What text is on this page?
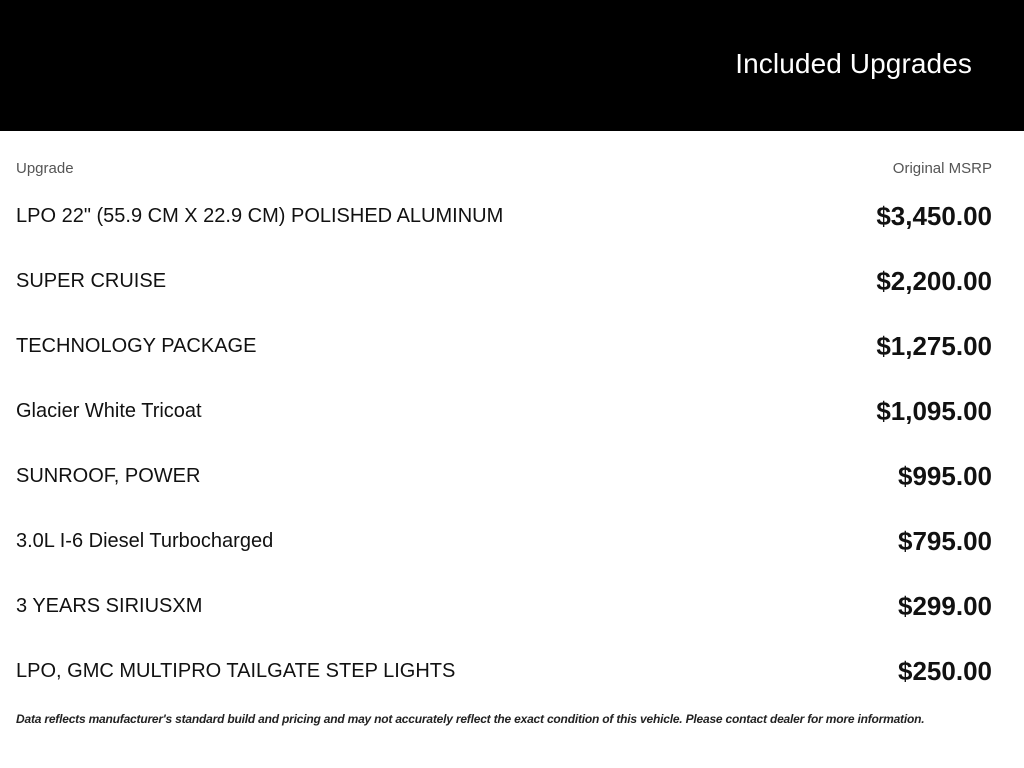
Included Upgrades
Upgrade	Original MSRP
LPO 22" (55.9 CM X 22.9 CM) POLISHED ALUMINUM	$3,450.00
SUPER CRUISE	$2,200.00
TECHNOLOGY PACKAGE	$1,275.00
Glacier White Tricoat	$1,095.00
SUNROOF, POWER	$995.00
3.0L I-6 Diesel Turbocharged	$795.00
3 YEARS SIRIUSXM	$299.00
LPO, GMC MULTIPRO TAILGATE STEP LIGHTS	$250.00
Data reflects manufacturer's standard build and pricing and may not accurately reflect the exact condition of this vehicle. Please contact dealer for more information.
